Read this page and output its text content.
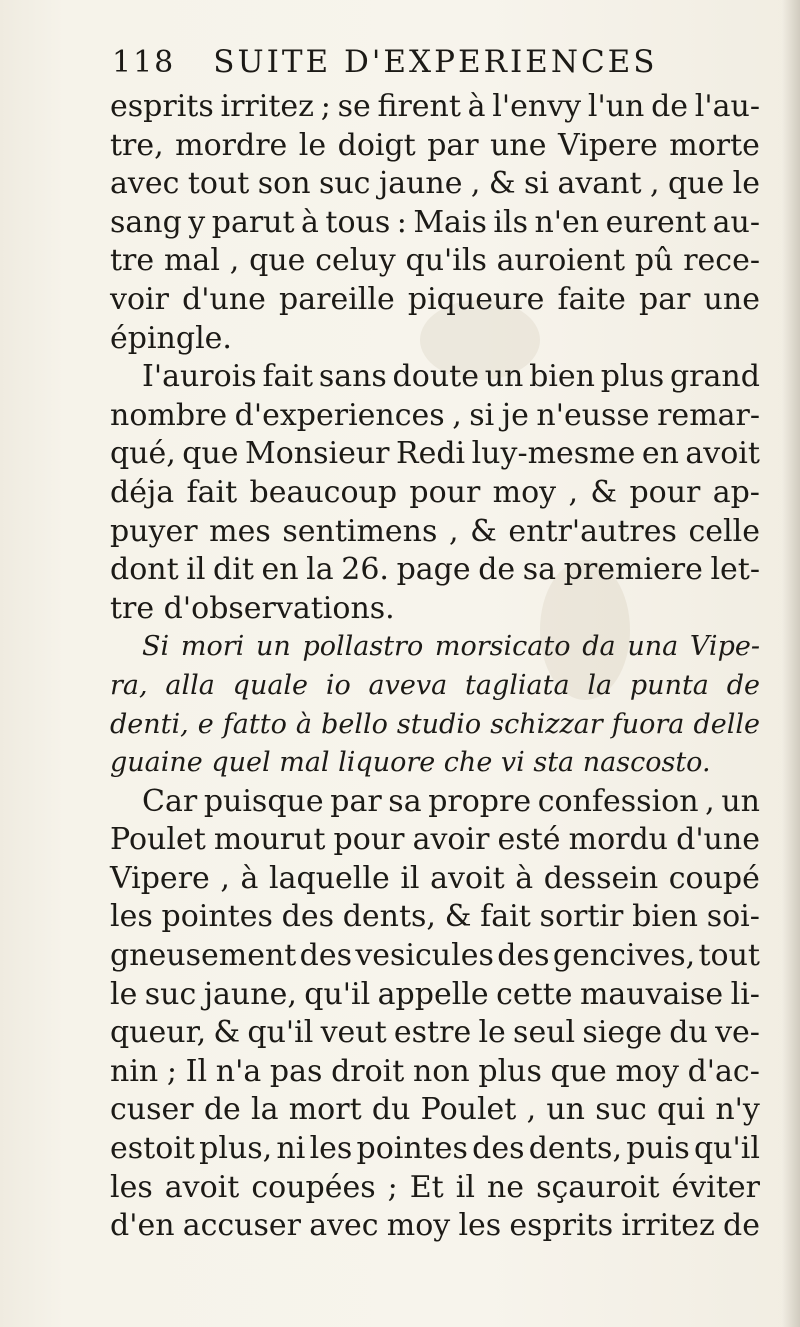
118 SUITE D'EXPERIENCES
esprits irritez ; se firent à l'envy l'un de l'au-
tre, mordre le doigt par une Vipere morte
avec tout son suc jaune , & si avant , que le
sang y parut à tous : Mais ils n'en eurent au-
tre mal , que celuy qu'ils auroient pû rece-
voir d'une pareille piqueure faite par une
épingle.
I'aurois fait sans doute un bien plus grand
nombre d'experiences , si je n'eusse remar-
qué, que Monsieur Redi luy-mesme en avoit
déja fait beaucoup pour moy , & pour ap-
puyer mes sentimens , & entr'autres celle
dont il dit en la 26. page de sa premiere let-
tre d'observations.
Si mori un pollastro morsicato da una Vipe-
ra, alla quale io aveva tagliata la punta de
denti, e fatto à bello studio schizzar fuora delle
guaine quel mal liquore che vi sta nascosto.
Car puisque par sa propre confession , un
Poulet mourut pour avoir esté mordu d'une
Vipere , à laquelle il avoit à dessein coupé
les pointes des dents, & fait sortir bien soi-
gneusement des vesicules des gencives, tout
le suc jaune, qu'il appelle cette mauvaise li-
queur, & qu'il veut estre le seul siege du ve-
nin ; Il n'a pas droit non plus que moy d'ac-
cuser de la mort du Poulet , un suc qui n'y
estoit plus, ni les pointes des dents, puis qu'il
les avoit coupées ; Et il ne sçauroit éviter
d'en accuser avec moy les esprits irritez de
